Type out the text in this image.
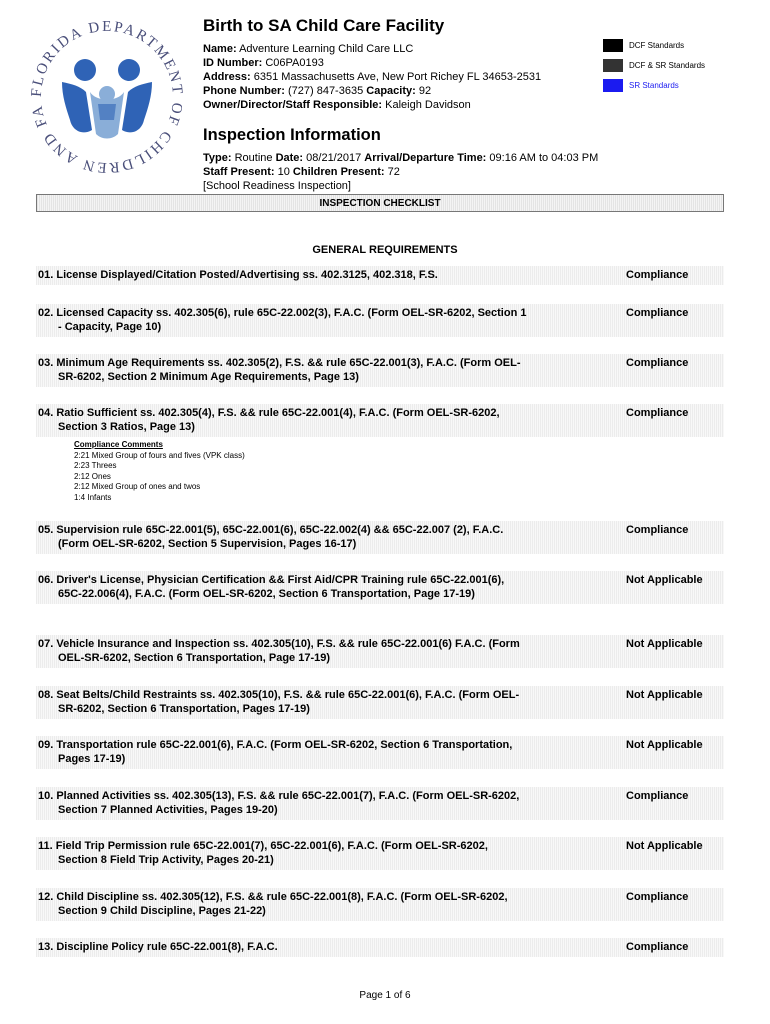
FLORIDA DEPARTMENT OF CHILDREN AND FA
Birth to SA Child Care Facility
Name: Adventure Learning Child Care LLC
ID Number: C06PA0193
Address: 6351 Massachusetts Ave, New Port Richey FL 34653-2531
Phone Number: (727) 847-3635 Capacity: 92
Owner/Director/Staff Responsible: Kaleigh Davidson
Inspection Information
Type: Routine Date: 08/21/2017 Arrival/Departure Time: 09:16 AM to 04:03 PM
Staff Present: 10 Children Present: 72
[School Readiness Inspection]
DCF Standards
DCF & SR Standards
SR Standards
INSPECTION CHECKLIST
GENERAL REQUIREMENTS
01. License Displayed/Citation Posted/Advertising ss. 402.3125, 402.318, F.S.	Compliance
02. Licensed Capacity ss. 402.305(6), rule 65C-22.002(3), F.A.C. (Form OEL-SR-6202, Section 1 - Capacity, Page 10)
Compliance
03. Minimum Age Requirements ss. 402.305(2), F.S. && rule 65C-22.001(3), F.A.C. (Form OEL-SR-6202, Section 2 Minimum Age Requirements, Page 13)
Compliance
04. Ratio Sufficient ss. 402.305(4), F.S. && rule 65C-22.001(4), F.A.C. (Form OEL-SR-6202, Section 3 Ratios, Page 13)
Compliance
Compliance Comments
2:21 Mixed Group of fours and fives (VPK class)
2:23 Threes
2:12 Ones
2:12 Mixed Group of ones and twos
1:4 Infants
05. Supervision rule 65C-22.001(5), 65C-22.001(6), 65C-22.002(4) && 65C-22.007 (2), F.A.C. (Form OEL-SR-6202, Section 5 Supervision, Pages 16-17)
Compliance
06. Driver's License, Physician Certification && First Aid/CPR Training rule 65C-22.001(6), 65C-22.006(4), F.A.C. (Form OEL-SR-6202, Section 6 Transportation, Page 17-19)
Not Applicable
07. Vehicle Insurance and Inspection ss. 402.305(10), F.S. && rule 65C-22.001(6) F.A.C. (Form OEL-SR-6202, Section 6 Transportation, Page 17-19)
Not Applicable
08. Seat Belts/Child Restraints ss. 402.305(10), F.S. && rule 65C-22.001(6), F.A.C. (Form OEL-SR-6202, Section 6 Transportation, Pages 17-19)
Not Applicable
09. Transportation rule 65C-22.001(6), F.A.C. (Form OEL-SR-6202, Section 6 Transportation, Pages 17-19)
Not Applicable
10. Planned Activities ss. 402.305(13), F.S. && rule 65C-22.001(7), F.A.C. (Form OEL-SR-6202, Section 7 Planned Activities, Pages 19-20)
Compliance
11. Field Trip Permission rule 65C-22.001(7), 65C-22.001(6), F.A.C. (Form OEL-SR-6202, Section 8 Field Trip Activity, Pages 20-21)
Not Applicable
12. Child Discipline ss. 402.305(12), F.S. && rule 65C-22.001(8), F.A.C. (Form OEL-SR-6202, Section 9 Child Discipline, Pages 21-22)
Compliance
13. Discipline Policy rule 65C-22.001(8), F.A.C.	Compliance
Page 1 of 6
